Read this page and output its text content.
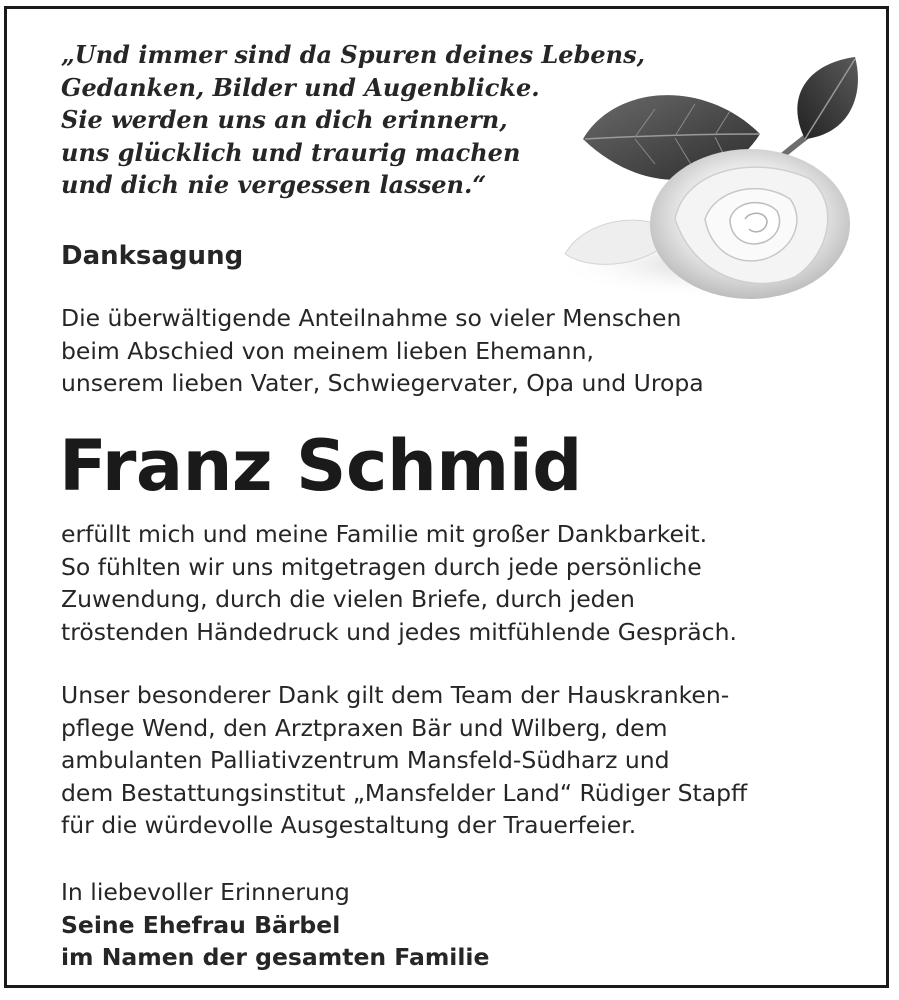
„Und immer sind da Spuren deines Lebens,
Gedanken, Bilder und Augenblicke.
Sie werden uns an dich erinnern,
uns glücklich und traurig machen
und dich nie vergessen lassen.“
Danksagung

Die überwältigende Anteilnahme so vieler Menschen
beim Abschied von meinem lieben Ehemann,
unserem lieben Vater, Schwiegervater, Opa und Uropa

Franz Schmid

erfüllt mich und meine Familie mit großer Dankbarkeit.
So fühlten wir uns mitgetragen durch jede persönliche
Zuwendung, durch die vielen Briefe, durch jeden
tröstenden Händedruck und jedes mitfühlende Gespräch.

Unser besonderer Dank gilt dem Team der Hauskranken-
pflege Wend, den Arztpraxen Bär und Wilberg, dem
ambulanten Palliativzentrum Mansfeld-Südharz und
dem Bestattungsinstitut „Mansfelder Land“ Rüdiger Stapff
für die würdevolle Ausgestaltung der Trauerfeier.

In liebevoller Erinnerung
Seine Ehefrau Bärbel
im Namen der gesamten Familie
